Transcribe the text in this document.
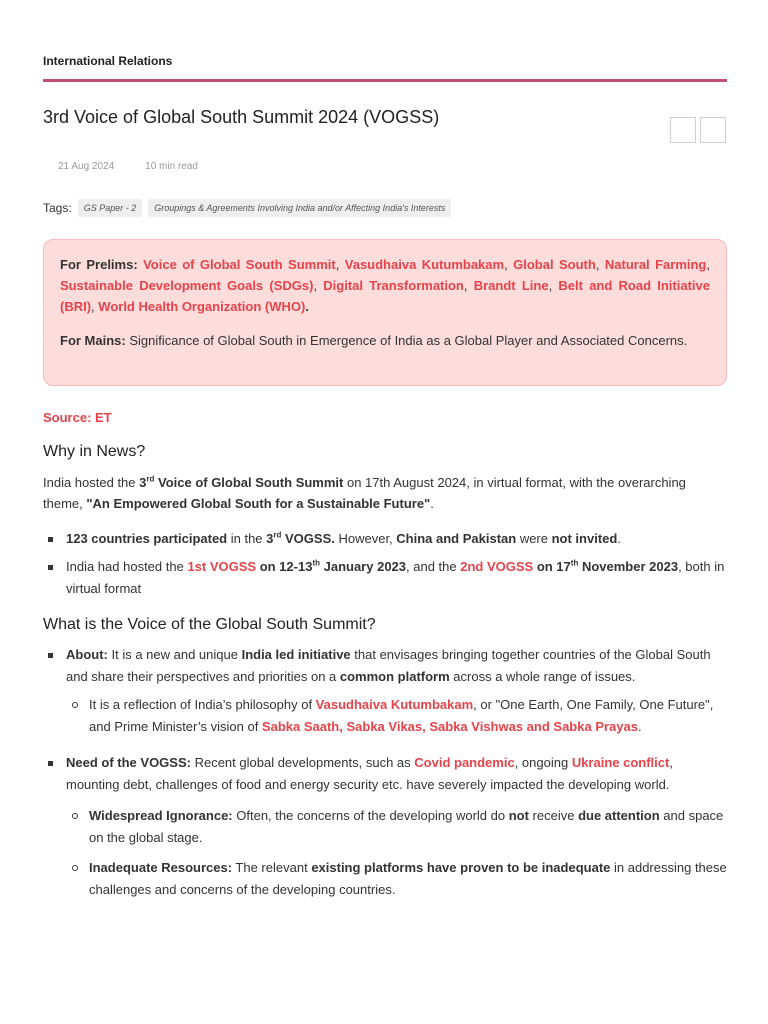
International Relations
3rd Voice of Global South Summit 2024 (VOGSS)
21 Aug 2024	10 min read
Tags:	GS Paper - 2	Groupings & Agreements Involving India and/or Affecting India's Interests

For Prelims: Voice of Global South Summit, Vasudhaiva Kutumbakam, Global South, Natural Farming, Sustainable Development Goals (SDGs), Digital Transformation, Brandt Line, Belt and Road Initiative (BRI), World Health Organization (WHO).

For Mains: Significance of Global South in Emergence of India as a Global Player and Associated Concerns.

Source: ET
Why in News?

India hosted the 3rd Voice of Global South Summit on 17th August 2024, in virtual format, with the overarching theme, "An Empowered Global South for a Sustainable Future".

123 countries participated in the 3rd VOGSS. However, China and Pakistan were not invited.
India had hosted the 1st VOGSS on 12-13th January 2023, and the 2nd VOGSS on 17th November 2023, both in virtual format
What is the Voice of the Global South Summit?
About: It is a new and unique India led initiative that envisages bringing together countries of the Global South and share their perspectives and priorities on a common platform across a whole range of issues.
It is a reflection of India’s philosophy of Vasudhaiva Kutumbakam, or "One Earth, One Family, One Future", and Prime Minister’s vision of Sabka Saath, Sabka Vikas, Sabka Vishwas and Sabka Prayas.
Need of the VOGSS: Recent global developments, such as Covid pandemic, ongoing Ukraine conflict, mounting debt, challenges of food and energy security etc. have severely impacted the developing world.
Widespread Ignorance: Often, the concerns of the developing world do not receive due attention and space on the global stage.
Inadequate Resources: The relevant existing platforms have proven to be inadequate in addressing these challenges and concerns of the developing countries.
